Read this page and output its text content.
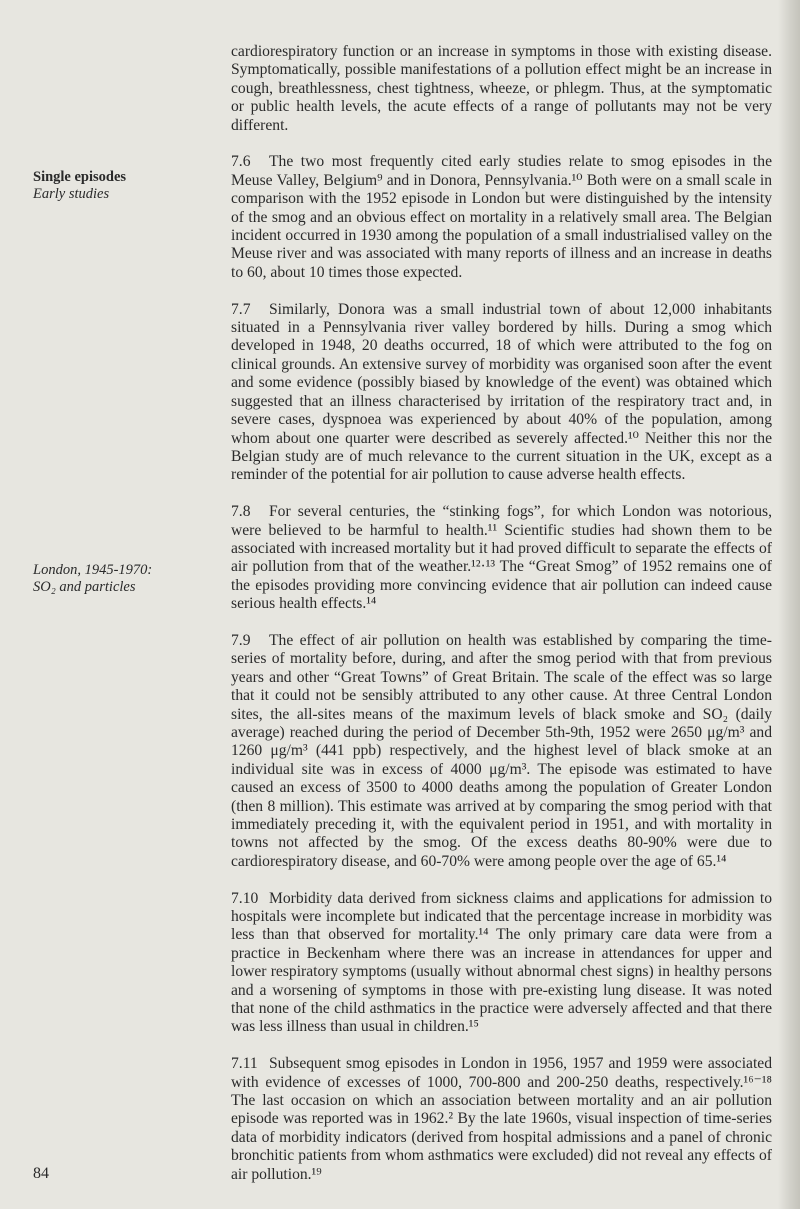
Single episodes
Early studies
London, 1945-1970:
SO₂ and particles
84

cardiorespiratory function or an increase in symptoms in those with existing disease. Symptomatically, possible manifestations of a pollution effect might be an increase in cough, breathlessness, chest tightness, wheeze, or phlegm. Thus, at the symptomatic or public health levels, the acute effects of a range of pollutants may not be very different.

7.6 The two most frequently cited early studies relate to smog episodes in the Meuse Valley, Belgium⁹ and in Donora, Pennsylvania.¹⁰ Both were on a small scale in comparison with the 1952 episode in London but were distinguished by the intensity of the smog and an obvious effect on mortality in a relatively small area. The Belgian incident occurred in 1930 among the population of a small industrialised valley on the Meuse river and was associated with many reports of illness and an increase in deaths to 60, about 10 times those expected.

7.7 Similarly, Donora was a small industrial town of about 12,000 inhabitants situated in a Pennsylvania river valley bordered by hills. During a smog which developed in 1948, 20 deaths occurred, 18 of which were attributed to the fog on clinical grounds. An extensive survey of morbidity was organised soon after the event and some evidence (possibly biased by knowledge of the event) was obtained which suggested that an illness characterised by irritation of the respiratory tract and, in severe cases, dyspnoea was experienced by about 40% of the population, among whom about one quarter were described as severely affected.¹⁰ Neither this nor the Belgian study are of much relevance to the current situation in the UK, except as a reminder of the potential for air pollution to cause adverse health effects.

7.8 For several centuries, the “stinking fogs”, for which London was notorious, were believed to be harmful to health.¹¹ Scientific studies had shown them to be associated with increased mortality but it had proved difficult to separate the effects of air pollution from that of the weather.¹²·¹³ The “Great Smog” of 1952 remains one of the episodes providing more convincing evidence that air pollution can indeed cause serious health effects.¹⁴

7.9 The effect of air pollution on health was established by comparing the time-series of mortality before, during, and after the smog period with that from previous years and other “Great Towns” of Great Britain. The scale of the effect was so large that it could not be sensibly attributed to any other cause. At three Central London sites, the all-sites means of the maximum levels of black smoke and SO₂ (daily average) reached during the period of December 5th-9th, 1952 were 2650 μg/m³ and 1260 μg/m³ (441 ppb) respectively, and the highest level of black smoke at an individual site was in excess of 4000 μg/m³. The episode was estimated to have caused an excess of 3500 to 4000 deaths among the population of Greater London (then 8 million). This estimate was arrived at by comparing the smog period with that immediately preceding it, with the equivalent period in 1951, and with mortality in towns not affected by the smog. Of the excess deaths 80-90% were due to cardiorespiratory disease, and 60-70% were among people over the age of 65.¹⁴

7.10 Morbidity data derived from sickness claims and applications for admission to hospitals were incomplete but indicated that the percentage increase in morbidity was less than that observed for mortality.¹⁴ The only primary care data were from a practice in Beckenham where there was an increase in attendances for upper and lower respiratory symptoms (usually without abnormal chest signs) in healthy persons and a worsening of symptoms in those with pre-existing lung disease. It was noted that none of the child asthmatics in the practice were adversely affected and that there was less illness than usual in children.¹⁵

7.11 Subsequent smog episodes in London in 1956, 1957 and 1959 were associated with evidence of excesses of 1000, 700-800 and 200-250 deaths, respectively.¹⁶⁻¹⁸ The last occasion on which an association between mortality and an air pollution episode was reported was in 1962.² By the late 1960s, visual inspection of time-series data of morbidity indicators (derived from hospital admissions and a panel of chronic bronchitic patients from whom asthmatics were excluded) did not reveal any effects of air pollution.¹⁹
